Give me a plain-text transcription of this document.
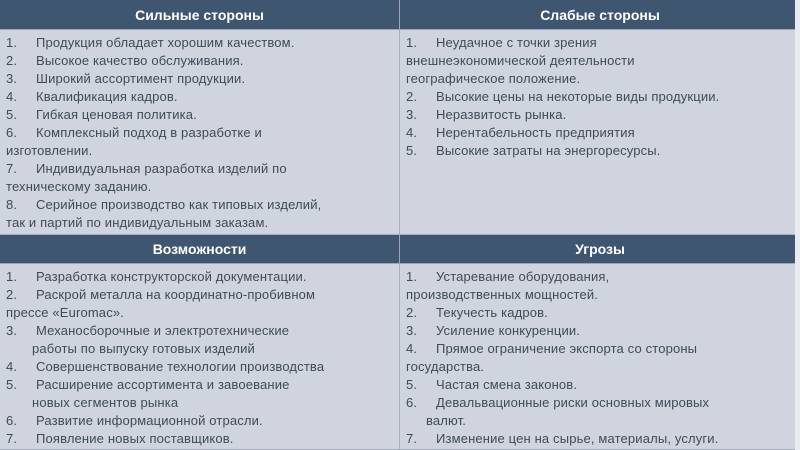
Сильные стороны	Слабые стороны
1. Продукция обладает хорошим качеством.
2. Высокое качество обслуживания.
3. Широкий ассортимент продукции.
4. Квалификация кадров.
5. Гибкая ценовая политика.
6. Комплексный подход в разработке и
изготовлении.
7. Индивидуальная разработка изделий по
техническому заданию.
8. Серийное производство как типовых изделий,
так и партий по индивидуальным заказам.
1. Неудачное с точки зрения
внешнеэкономической деятельности
географическое положение.
2. Высокие цены на некоторые виды продукции.
3. Неразвитость рынка.
4. Нерентабельность предприятия
5. Высокие затраты на энергоресурсы.
Возможности	Угрозы
1. Разработка конструкторской документации.
2. Раскрой металла на координатно-пробивном
прессе «Euromac».
3. Механосборочные и электротехнические
работы по выпуску готовых изделий
4. Совершенствование технологии производства
5. Расширение ассортимента и завоевание
новых сегментов рынка
6. Развитие информационной отрасли.
7. Появление новых поставщиков.
1. Устаревание оборудования,
производственных мощностей.
2. Текучесть кадров.
3. Усиление конкуренции.
4. Прямое ограничение экспорта со стороны
государства.
5. Частая смена законов.
6. Девальвационные риски основных мировых
валют.
7. Изменение цен на сырье, материалы, услуги.
